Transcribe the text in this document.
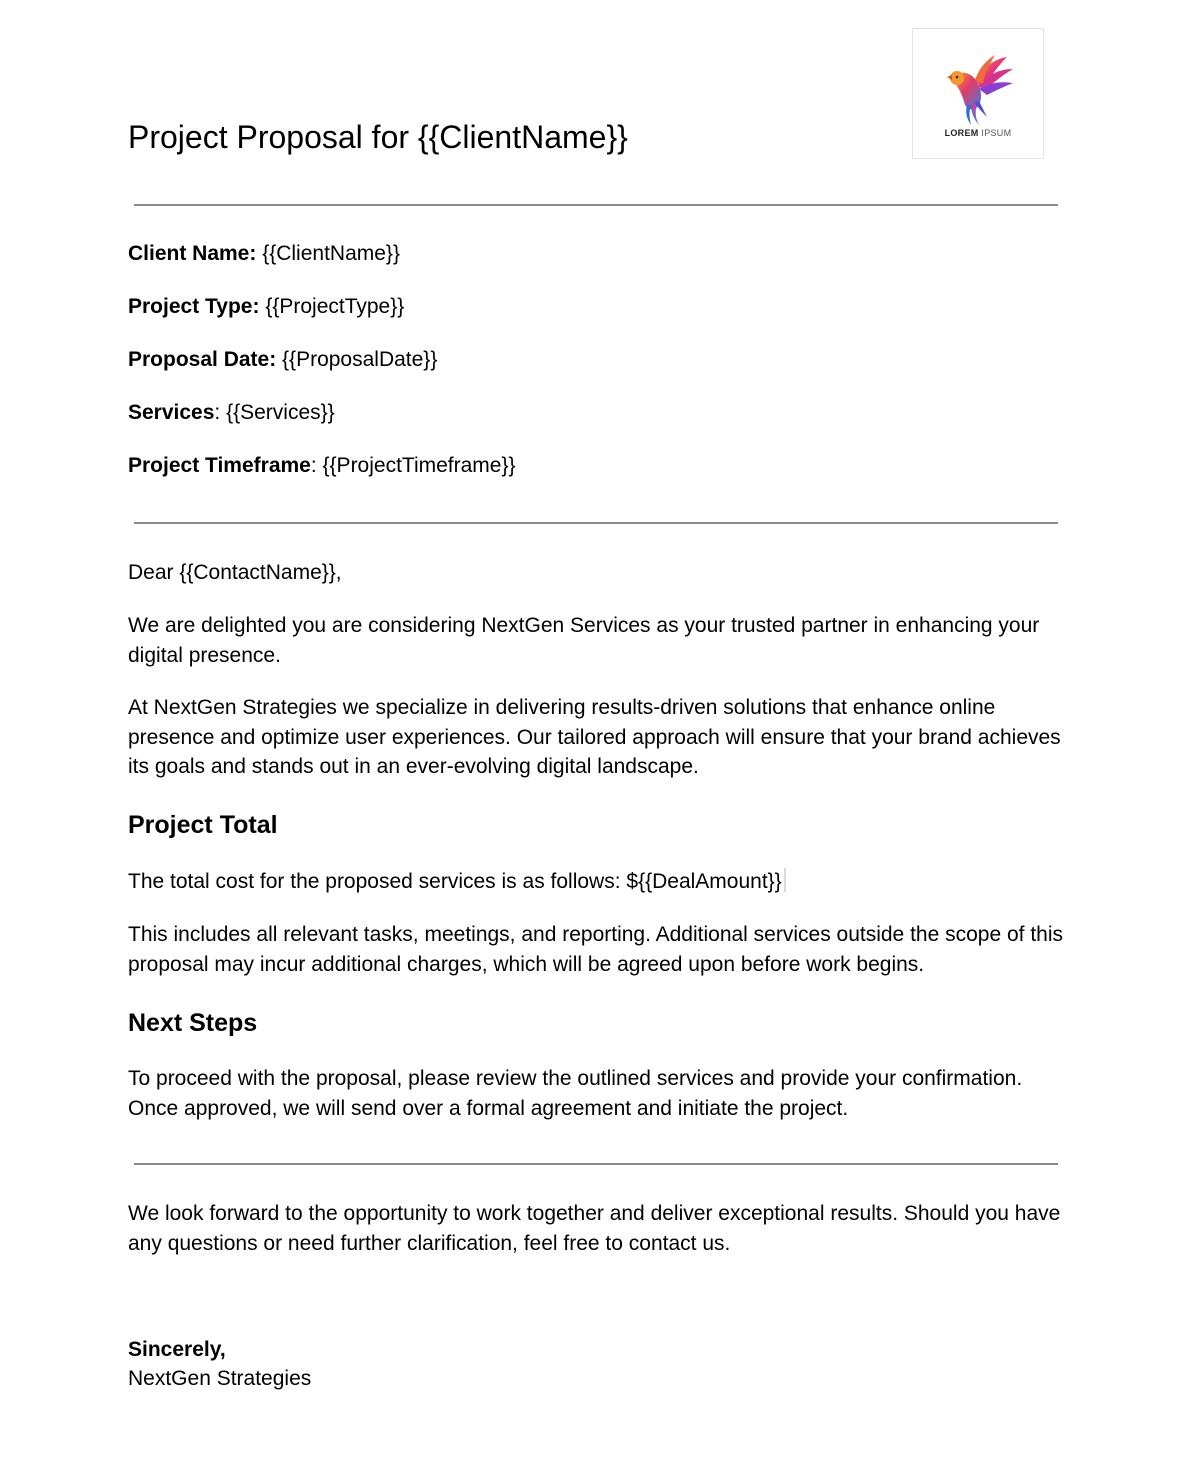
Project Proposal for {{ClientName}}	LOREM IPSUM
Client Name: {{ClientName}}
Project Type: {{ProjectType}}
Proposal Date: {{ProposalDate}}
Services: {{Services}}
Project Timeframe: {{ProjectTimeframe}}

Dear {{ContactName}},

We are delighted you are considering NextGen Services as your trusted partner in enhancing your digital presence.

At NextGen Strategies we specialize in delivering results-driven solutions that enhance online presence and optimize user experiences. Our tailored approach will ensure that your brand achieves its goals and stands out in an ever-evolving digital landscape.

Project Total

The total cost for the proposed services is as follows: ${{DealAmount}}

This includes all relevant tasks, meetings, and reporting. Additional services outside the scope of this proposal may incur additional charges, which will be agreed upon before work begins.

Next Steps

To proceed with the proposal, please review the outlined services and provide your confirmation. Once approved, we will send over a formal agreement and initiate the project.

We look forward to the opportunity to work together and deliver exceptional results. Should you have any questions or need further clarification, feel free to contact us.

Sincerely,
NextGen Strategies
